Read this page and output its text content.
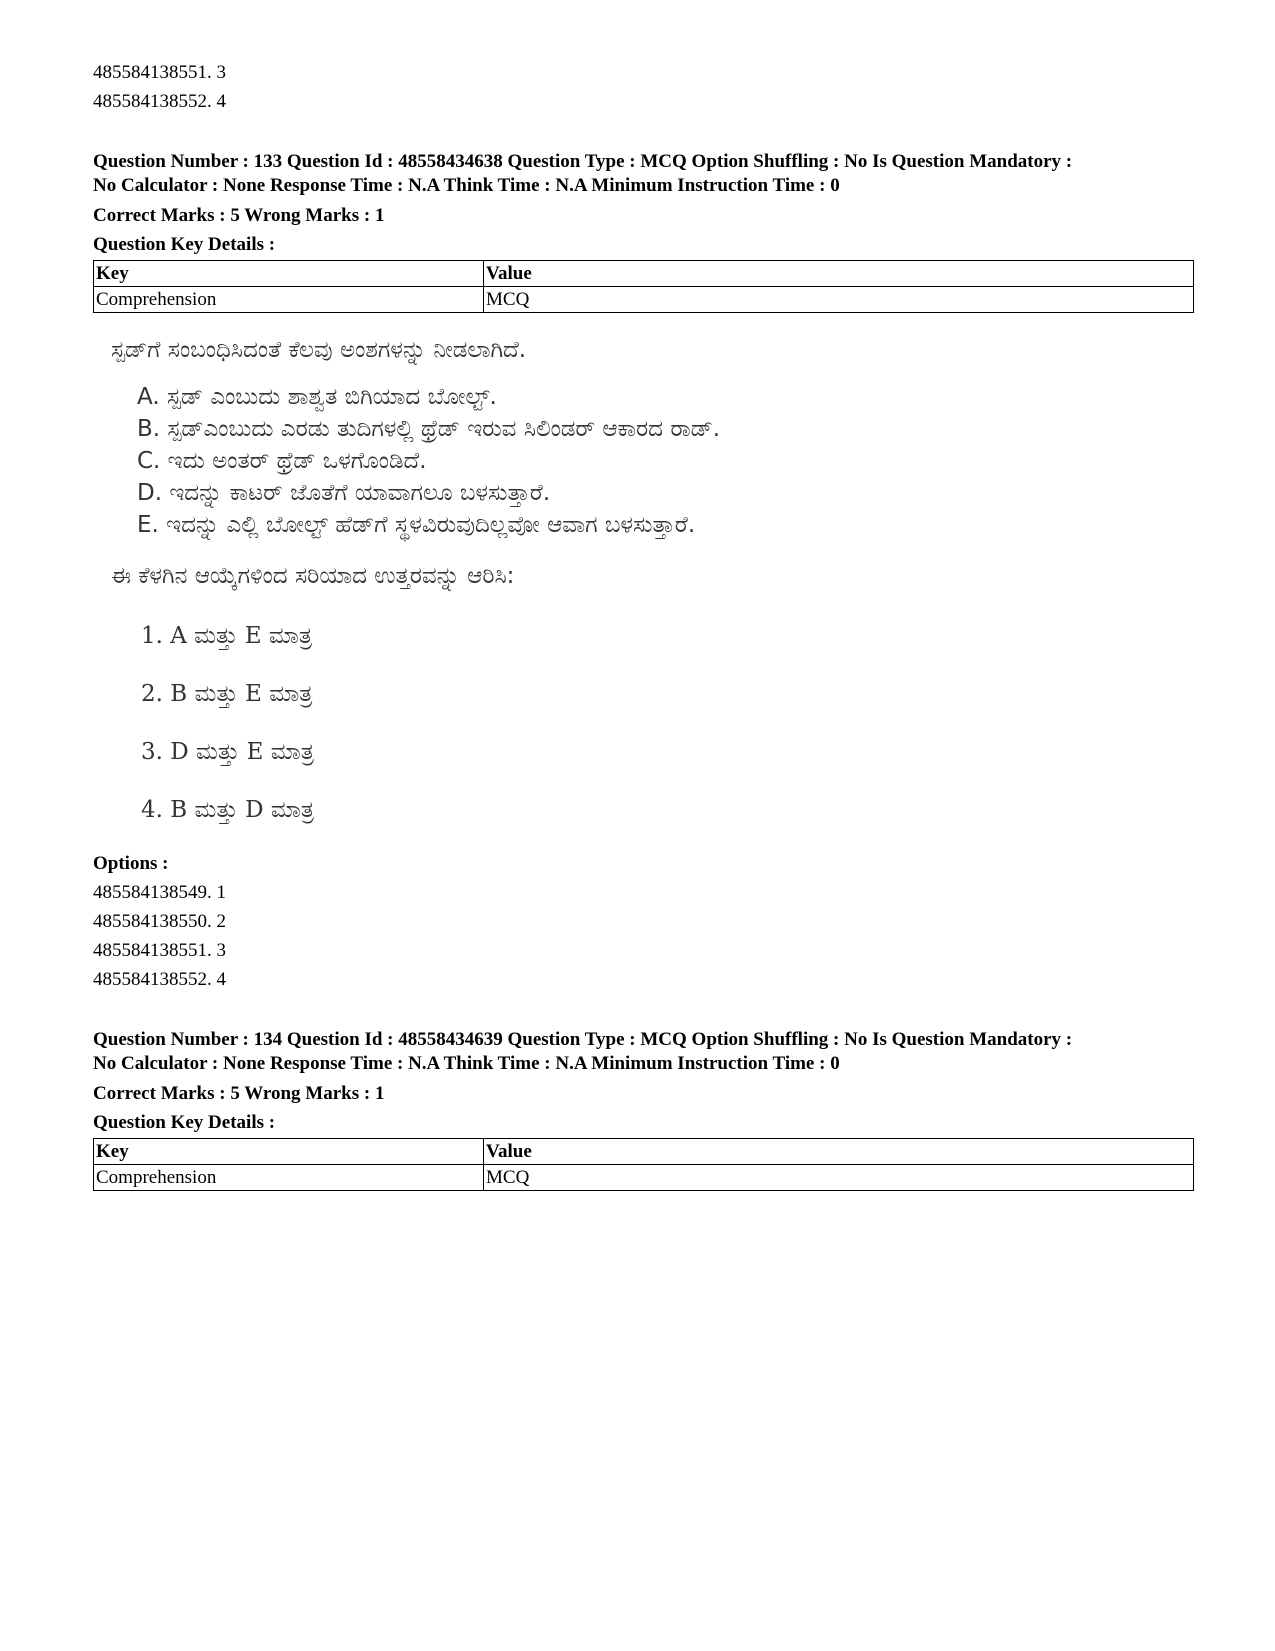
485584138551. 3
485584138552. 4
Question Number : 133 Question Id : 48558434638 Question Type : MCQ Option Shuffling : No Is Question Mandatory :
No Calculator : None Response Time : N.A Think Time : N.A Minimum Instruction Time : 0
Correct Marks : 5 Wrong Marks : 1
Question Key Details :
Key	Value
Comprehension	MCQ
ಸ್ಪಡ್‌ಗೆ ಸಂಬಂಧಿಸಿದಂತೆ ಕೆಲವು ಅಂಶಗಳನ್ನು ನೀಡಲಾಗಿದೆ.
A. ಸ್ಪಡ್ ಎಂಬುದು ಶಾಶ್ವತ ಬಿಗಿಯಾದ ಬೋಲ್ಟ್.
B. ಸ್ಪಡ್‌ಎಂಬುದು ಎರಡು ತುದಿಗಳಲ್ಲಿ ಥ್ರೆಡ್ ಇರುವ ಸಿಲಿಂಡರ್ ಆಕಾರದ ರಾಡ್.
C. ಇದು ಅಂತರ್ ಥ್ರೆಡ್ ಒಳಗೊಂಡಿದೆ.
D. ಇದನ್ನು ಕಾಟರ್ ಜೊತೆಗೆ ಯಾವಾಗಲೂ ಬಳಸುತ್ತಾರೆ.
E. ಇದನ್ನು ಎಲ್ಲಿ ಬೋಲ್ಟ್ ಹೆಡ್‌ಗೆ ಸ್ಥಳವಿರುವುದಿಲ್ಲವೋ ಆವಾಗ ಬಳಸುತ್ತಾರೆ.
ಈ ಕೆಳಗಿನ ಆಯ್ಕೆಗಳಿಂದ ಸರಿಯಾದ ಉತ್ತರವನ್ನು ಆರಿಸಿ:
1. A ಮತ್ತು E ಮಾತ್ರ
2. B ಮತ್ತು E ಮಾತ್ರ
3. D ಮತ್ತು E ಮಾತ್ರ
4. B ಮತ್ತು D ಮಾತ್ರ
Options :
485584138549. 1
485584138550. 2
485584138551. 3
485584138552. 4
Question Number : 134 Question Id : 48558434639 Question Type : MCQ Option Shuffling : No Is Question Mandatory :
No Calculator : None Response Time : N.A Think Time : N.A Minimum Instruction Time : 0
Correct Marks : 5 Wrong Marks : 1
Question Key Details :
Key	Value
Comprehension	MCQ
